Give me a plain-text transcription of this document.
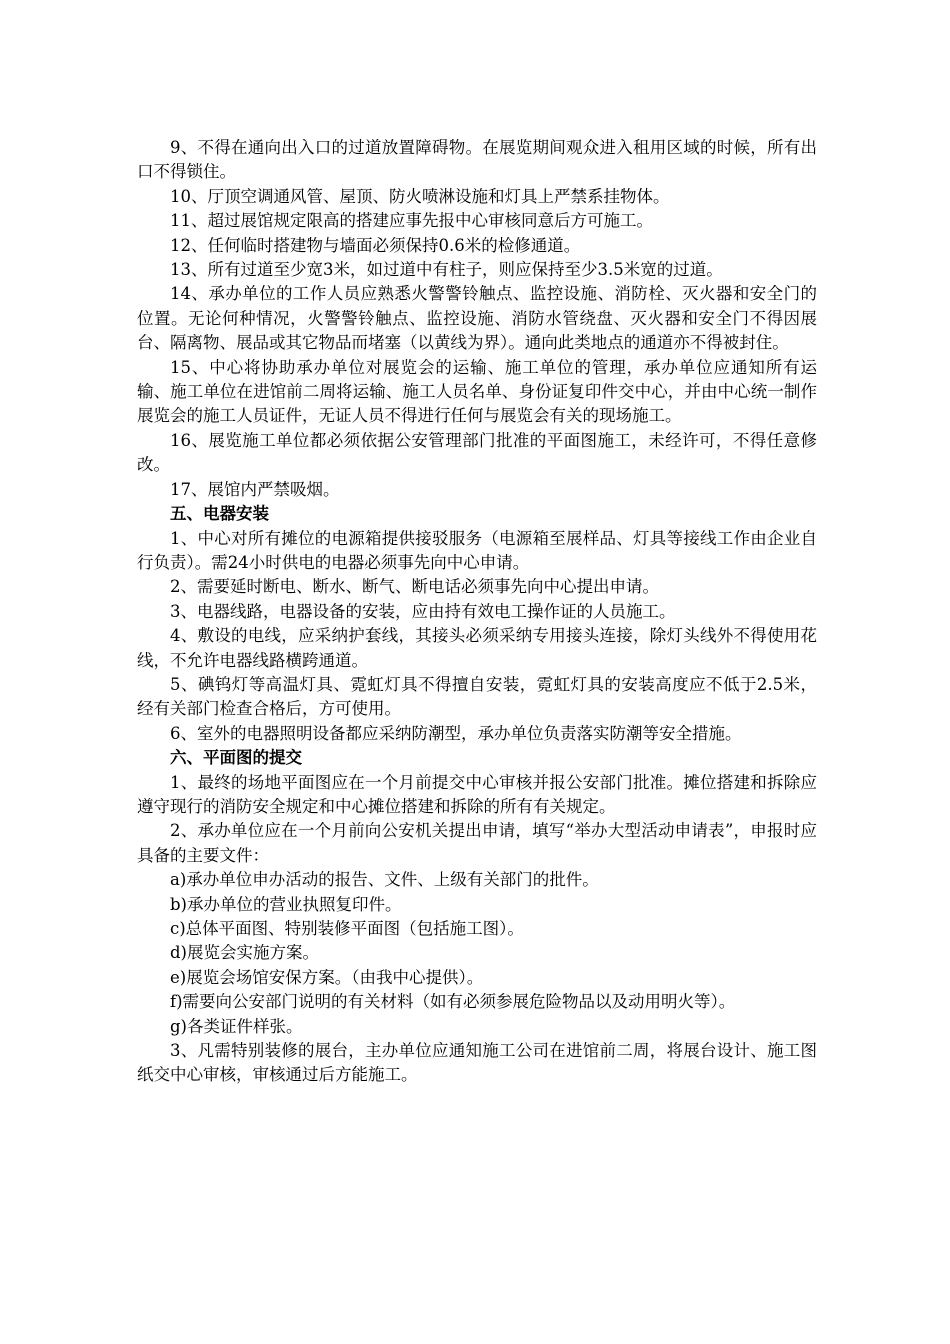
9、不得在通向出入口的过道放置障碍物。在展览期间观众进入租用区域的时候，所有出口不得锁住。

10、厅顶空调通风管、屋顶、防火喷淋设施和灯具上严禁系挂物体。

11、超过展馆规定限高的搭建应事先报中心审核同意后方可施工。

12、任何临时搭建物与墙面必须保持0.6米的检修通道。

13、所有过道至少宽3米，如过道中有柱子，则应保持至少3.5米宽的过道。

14、承办单位的工作人员应熟悉火警警铃触点、监控设施、消防栓、灭火器和安全门的位置。无论何种情况，火警警铃触点、监控设施、消防水管绕盘、灭火器和安全门不得因展台、隔离物、展品或其它物品而堵塞（以黄线为界）。通向此类地点的通道亦不得被封住。

15、中心将协助承办单位对展览会的运输、施工单位的管理，承办单位应通知所有运输、施工单位在进馆前二周将运输、施工人员名单、身份证复印件交中心，并由中心统一制作展览会的施工人员证件，无证人员不得进行任何与展览会有关的现场施工。

16、展览施工单位都必须依据公安管理部门批准的平面图施工，未经许可，不得任意修改。

17、展馆内严禁吸烟。

五、电器安装

1、中心对所有摊位的电源箱提供接驳服务（电源箱至展样品、灯具等接线工作由企业自行负责）。需24小时供电的电器必须事先向中心申请。

2、需要延时断电、断水、断气、断电话必须事先向中心提出申请。

3、电器线路，电器设备的安装，应由持有效电工操作证的人员施工。

4、敷设的电线，应采纳护套线，其接头必须采纳专用接头连接，除灯头线外不得使用花线，不允许电器线路横跨通道。

5、碘钨灯等高温灯具、霓虹灯具不得擅自安装，霓虹灯具的安装高度应不低于2.5米，经有关部门检查合格后，方可使用。

6、室外的电器照明设备都应采纳防潮型，承办单位负责落实防潮等安全措施。

六、平面图的提交

1、最终的场地平面图应在一个月前提交中心审核并报公安部门批准。摊位搭建和拆除应遵守现行的消防安全规定和中心摊位搭建和拆除的所有有关规定。

2、承办单位应在一个月前向公安机关提出申请，填写“举办大型活动申请表”，申报时应具备的主要文件：

a)承办单位申办活动的报告、文件、上级有关部门的批件。

b)承办单位的营业执照复印件。

c)总体平面图、特别装修平面图（包括施工图）。

d)展览会实施方案。

e)展览会场馆安保方案。（由我中心提供）。

f)需要向公安部门说明的有关材料（如有必须参展危险物品以及动用明火等）。

g)各类证件样张。

3、凡需特别装修的展台，主办单位应通知施工公司在进馆前二周，将展台设计、施工图纸交中心审核，审核通过后方能施工。
